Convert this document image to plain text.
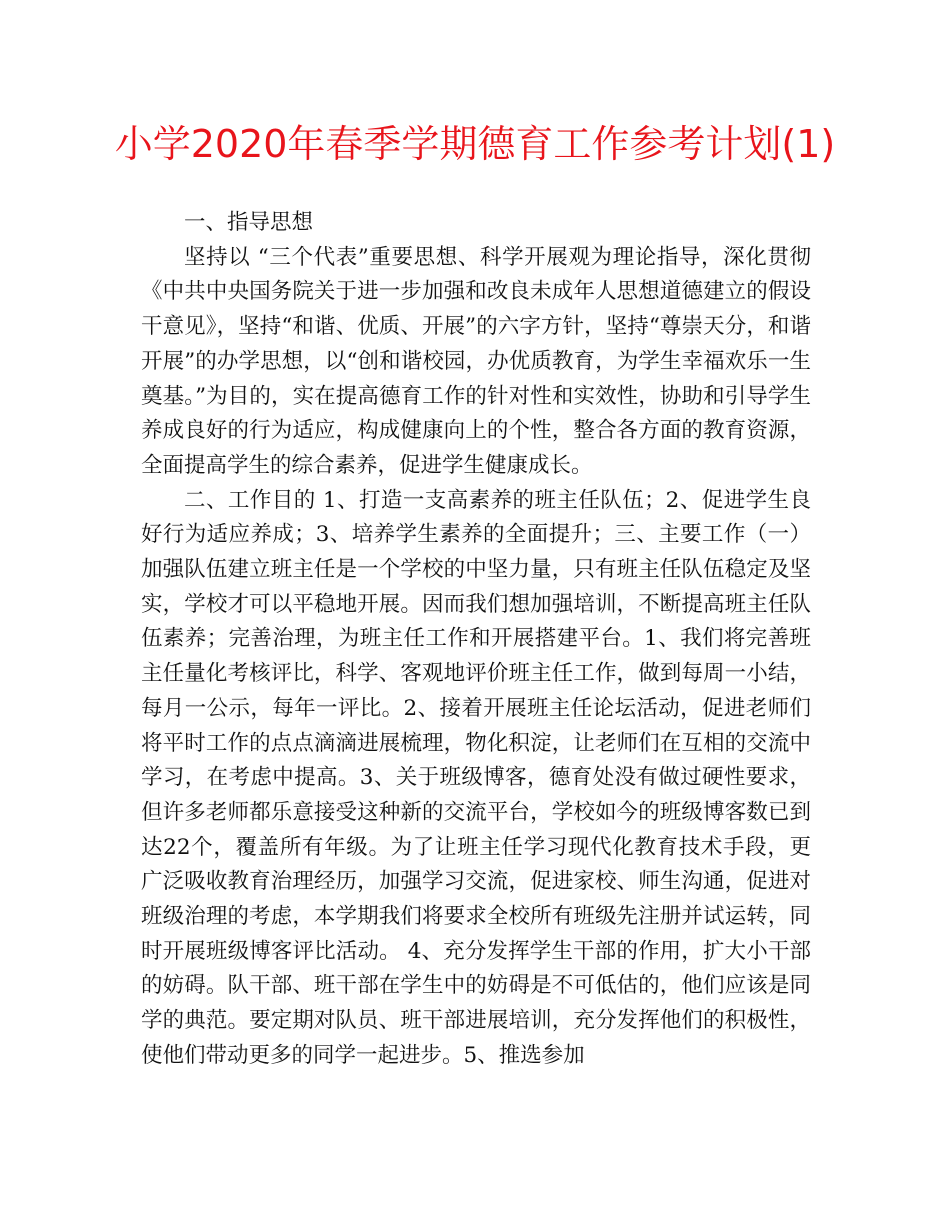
小学2020年春季学期德育工作参考计划(1)

一、指导思想

坚持以 “三个代表”重要思想、科学开展观为理论指导，深化贯彻《中共中央国务院关于进一步加强和改良未成年人思想道德建立的假设干意见》，坚持“和谐、优质、开展”的六字方针，坚持“尊崇天分，和谐开展”的办学思想，以“创和谐校园，办优质教育，为学生幸福欢乐一生奠基。”为目的，实在提高德育工作的针对性和实效性，协助和引导学生养成良好的行为适应，构成健康向上的个性，整合各方面的教育资源，全面提高学生的综合素养，促进学生健康成长。

二、工作目的 1、打造一支高素养的班主任队伍；2、促进学生良好行为适应养成；3、培养学生素养的全面提升；三、主要工作（一）加强队伍建立班主任是一个学校的中坚力量，只有班主任队伍稳定及坚实，学校才可以平稳地开展。因而我们想加强培训，不断提高班主任队伍素养；完善治理，为班主任工作和开展搭建平台。1、我们将完善班主任量化考核评比，科学、客观地评价班主任工作，做到每周一小结，每月一公示，每年一评比。2、接着开展班主任论坛活动，促进老师们将平时工作的点点滴滴进展梳理，物化积淀，让老师们在互相的交流中学习，在考虑中提高。3、关于班级博客，德育处没有做过硬性要求，但许多老师都乐意接受这种新的交流平台，学校如今的班级博客数已到达22个，覆盖所有年级。为了让班主任学习现代化教育技术手段，更广泛吸收教育治理经历，加强学习交流，促进家校、师生沟通，促进对班级治理的考虑，本学期我们将要求全校所有班级先注册并试运转，同时开展班级博客评比活动。 4、充分发挥学生干部的作用，扩大小干部的妨碍。队干部、班干部在学生中的妨碍是不可低估的，他们应该是同学的典范。要定期对队员、班干部进展培训，充分发挥他们的积极性，使他们带动更多的同学一起进步。5、推选参加
